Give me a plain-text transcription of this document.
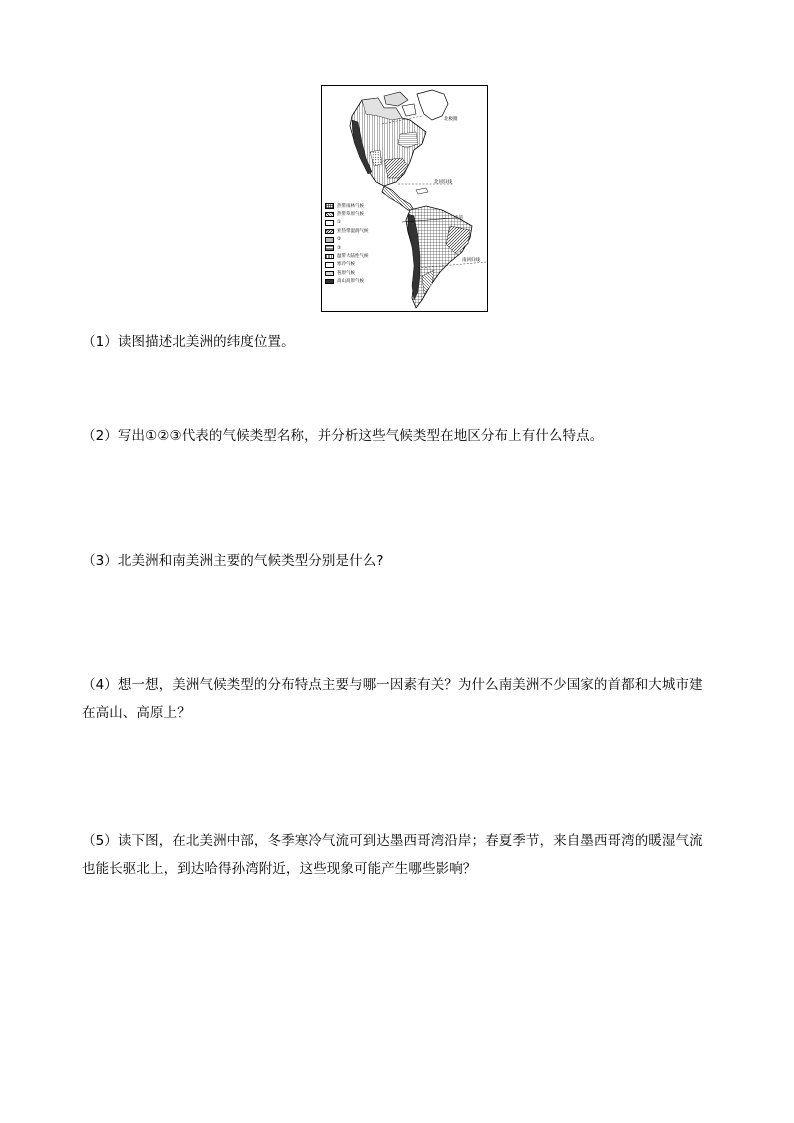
北极圈
北回归线
赤道
南回归线
热带雨林气候
热带草原气候
①
亚热带湿润气候
②
③
温带大陆性气候
寒冷气候
苔原气候
高山高原气候
（1）读图描述北美洲的纬度位置。
（2）写出①②③代表的气候类型名称，并分析这些气候类型在地区分布上有什么特点。
（3）北美洲和南美洲主要的气候类型分别是什么?
（4）想一想，美洲气候类型的分布特点主要与哪一因素有关？为什么南美洲不少国家的首都和大城市建
在高山、高原上？
（5）读下图，在北美洲中部，冬季寒冷气流可到达墨西哥湾沿岸；春夏季节，来自墨西哥湾的暖湿气流
也能长驱北上，到达哈得孙湾附近，这些现象可能产生哪些影响？
